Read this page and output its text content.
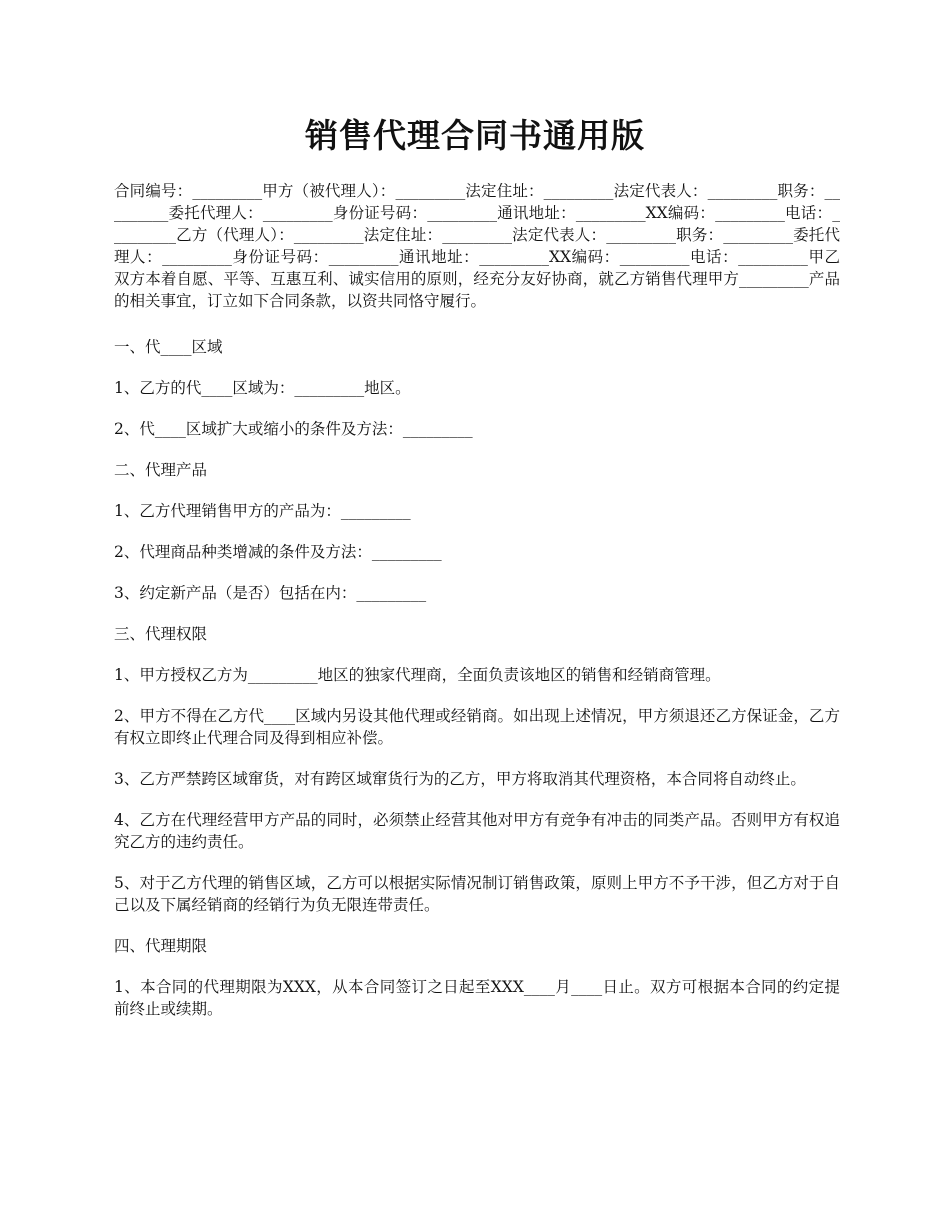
销售代理合同书通用版

合同编号：_________甲方（被代理人）：_________法定住址：_________法定代表人：_________职务：_________委托代理人：_________身份证号码：_________通讯地址：_________XX编码：_________电话：_________乙方（代理人）：_________法定住址：_________法定代表人：_________职务：_________委托代理人：_________身份证号码：_________通讯地址：_________XX编码：_________电话：_________甲乙双方本着自愿、平等、互惠互利、诚实信用的原则，经充分友好协商，就乙方销售代理甲方_________产品的相关事宜，订立如下合同条款，以资共同恪守履行。

一、代____区域

1、乙方的代____区域为：_________地区。

2、代____区域扩大或缩小的条件及方法：_________

二、代理产品

1、乙方代理销售甲方的产品为：_________

2、代理商品种类增减的条件及方法：_________

3、约定新产品（是否）包括在内：_________

三、代理权限

1、甲方授权乙方为_________地区的独家代理商，全面负责该地区的销售和经销商管理。

2、甲方不得在乙方代____区域内另设其他代理或经销商。如出现上述情况，甲方须退还乙方保证金，乙方有权立即终止代理合同及得到相应补偿。

3、乙方严禁跨区域窜货，对有跨区域窜货行为的乙方，甲方将取消其代理资格，本合同将自动终止。

4、乙方在代理经营甲方产品的同时，必须禁止经营其他对甲方有竞争有冲击的同类产品。否则甲方有权追究乙方的违约责任。

5、对于乙方代理的销售区域，乙方可以根据实际情况制订销售政策，原则上甲方不予干涉，但乙方对于自己以及下属经销商的经销行为负无限连带责任。

四、代理期限

1、本合同的代理期限为XXX，从本合同签订之日起至XXX____月____日止。双方可根据本合同的约定提前终止或续期。
